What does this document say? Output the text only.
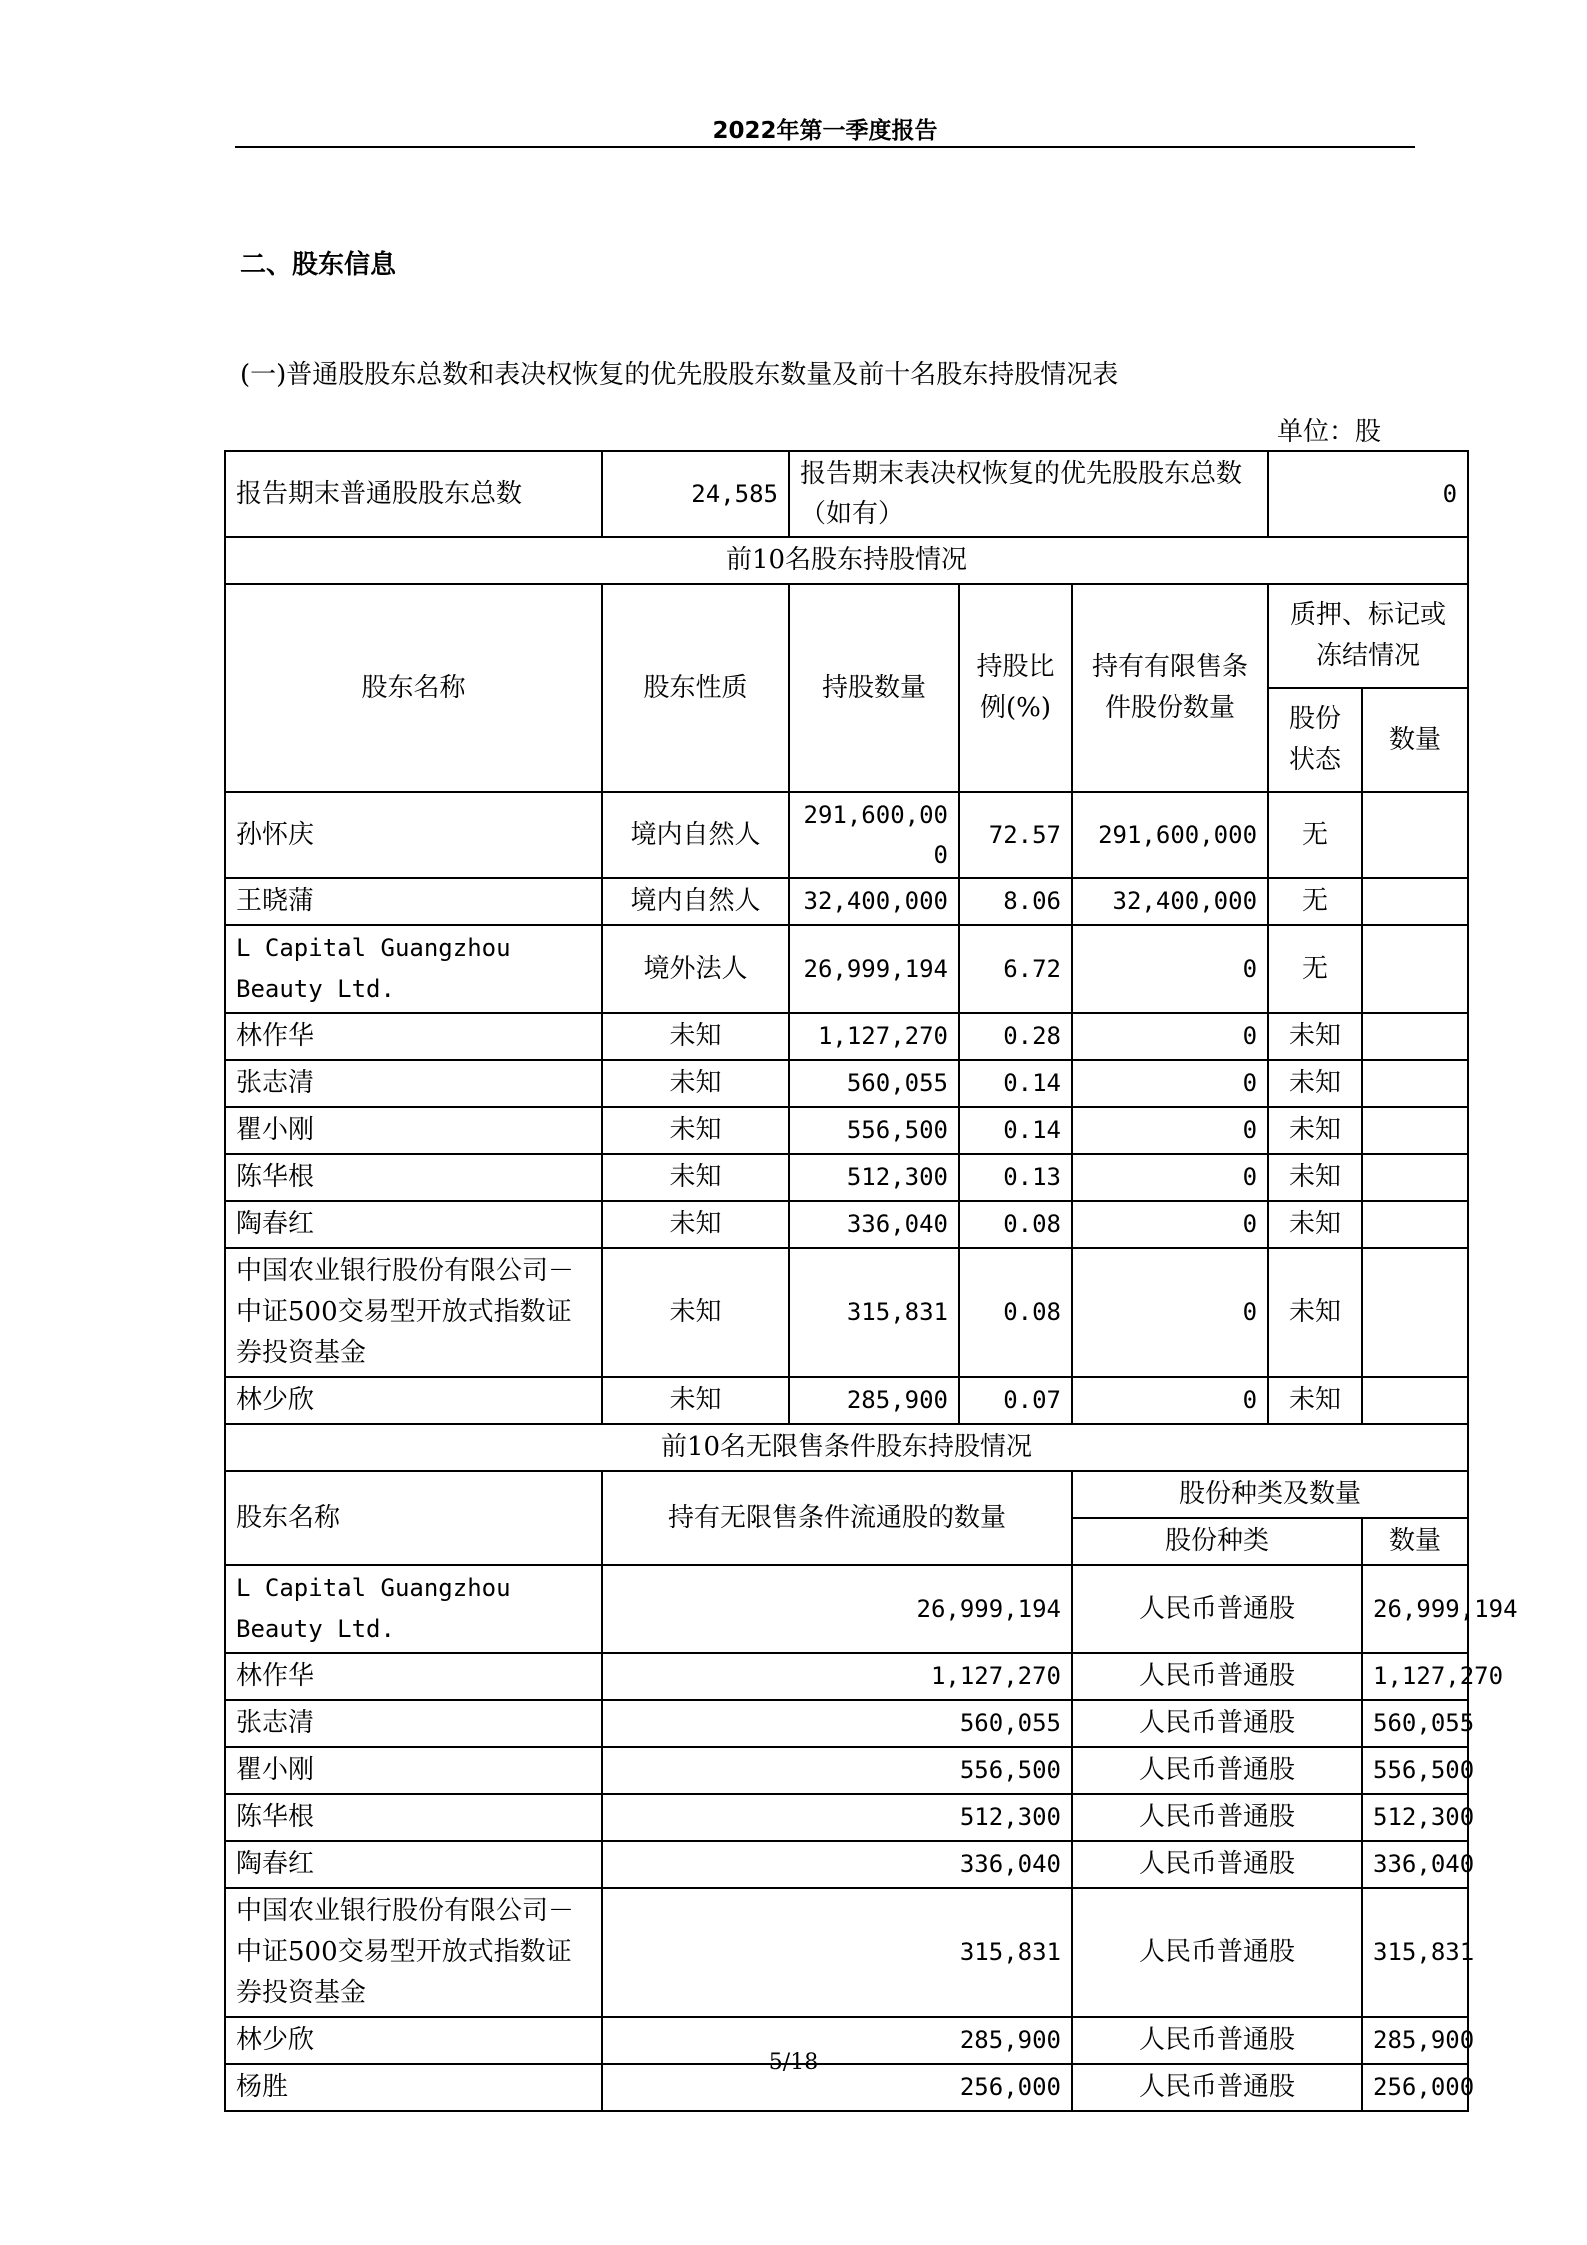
2022年第一季度报告
二、股东信息
(一)普通股股东总数和表决权恢复的优先股股东数量及前十名股东持股情况表
单位：股
报告期末普通股股东总数	24,585	报告期末表决权恢复的优先股股东总数（如有）			0	
前10名股东持股情况						
股东名称	股东性质	持股数量	持股比例(%)	持有有限售条件股份数量	质押、标记或冻结情况	
					股份状态	数量
孙怀庆	境内自然人	291,600,000	72.57	291,600,000	无	
王晓蒲	境内自然人	32,400,000	8.06	32,400,000	无	
L Capital Guangzhou Beauty Ltd.	境外法人	26,999,194	6.72	0	无	
林作华	未知	1,127,270	0.28	0	未知	
张志清	未知	560,055	0.14	0	未知	
瞿小刚	未知	556,500	0.14	0	未知	
陈华根	未知	512,300	0.13	0	未知	
陶春红	未知	336,040	0.08	0	未知	
中国农业银行股份有限公司－中证500交易型开放式指数证券投资基金	未知	315,831	0.08	0	未知	
林少欣	未知	285,900	0.07	0	未知	
前10名无限售条件股东持股情况						
股东名称	持有无限售条件流通股的数量			股份种类及数量		
				股份种类		数量
L Capital Guangzhou Beauty Ltd.	26,999,194			人民币普通股		26,999,194
林作华	1,127,270			人民币普通股		1,127,270
张志清	560,055			人民币普通股		560,055
瞿小刚	556,500			人民币普通股		556,500
陈华根	512,300			人民币普通股		512,300
陶春红	336,040			人民币普通股		336,040
中国农业银行股份有限公司－中证500交易型开放式指数证券投资基金	315,831			人民币普通股		315,831
林少欣	285,900			人民币普通股		285,900
杨胜	256,000			人民币普通股		256,000
5/18
